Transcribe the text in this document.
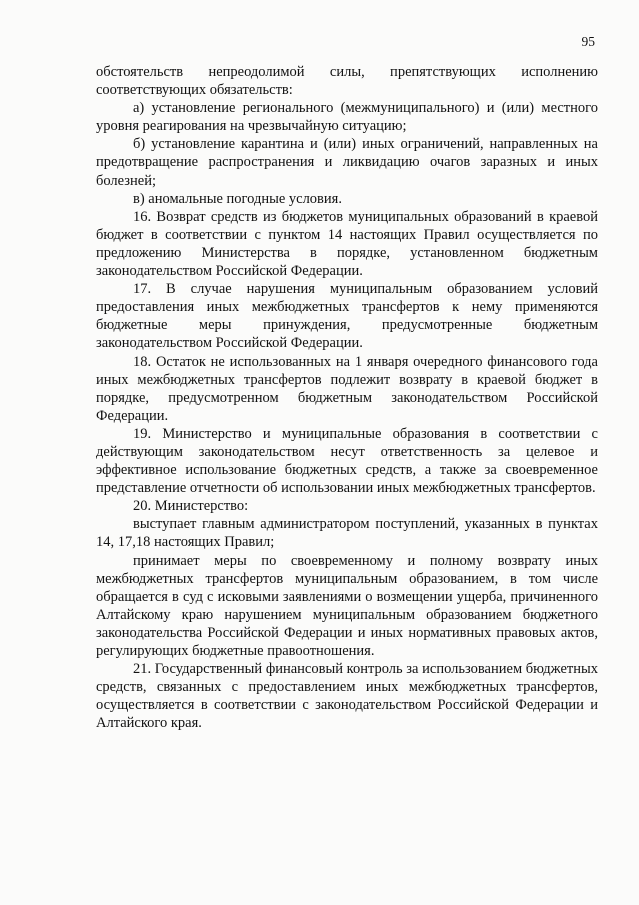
95

обстоятельств непреодолимой силы, препятствующих исполнению соответствующих обязательств:

а) установление регионального (межмуниципального) и (или) местного уровня реагирования на чрезвычайную ситуацию;

б) установление карантина и (или) иных ограничений, направленных на предотвращение распространения и ликвидацию очагов заразных и иных болезней;

в) аномальные погодные условия.

16. Возврат средств из бюджетов муниципальных образований в краевой бюджет в соответствии с пунктом 14 настоящих Правил осуществляется по предложению Министерства в порядке, установленном бюджетным законодательством Российской Федерации.

17. В случае нарушения муниципальным образованием условий предоставления иных межбюджетных трансфертов к нему применяются бюджетные меры принуждения, предусмотренные бюджетным законодательством Российской Федерации.

18. Остаток не использованных на 1 января очередного финансового года иных межбюджетных трансфертов подлежит возврату в краевой бюджет в порядке, предусмотренном бюджетным законодательством Российской Федерации.

19. Министерство и муниципальные образования в соответствии с действующим законодательством несут ответственность за целевое и эффективное использование бюджетных средств, а также за своевременное представление отчетности об использовании иных межбюджетных трансфертов.

20. Министерство:

выступает главным администратором поступлений, указанных в пунктах 14, 17,18 настоящих Правил;

принимает меры по своевременному и полному возврату иных межбюджетных трансфертов муниципальным образованием, в том числе обращается в суд с исковыми заявлениями о возмещении ущерба, причиненного Алтайскому краю нарушением муниципальным образованием бюджетного законодательства Российской Федерации и иных нормативных правовых актов, регулирующих бюджетные правоотношения.

21. Государственный финансовый контроль за использованием бюджетных средств, связанных с предоставлением иных межбюджетных трансфертов, осуществляется в соответствии с законодательством Российской Федерации и Алтайского края.
